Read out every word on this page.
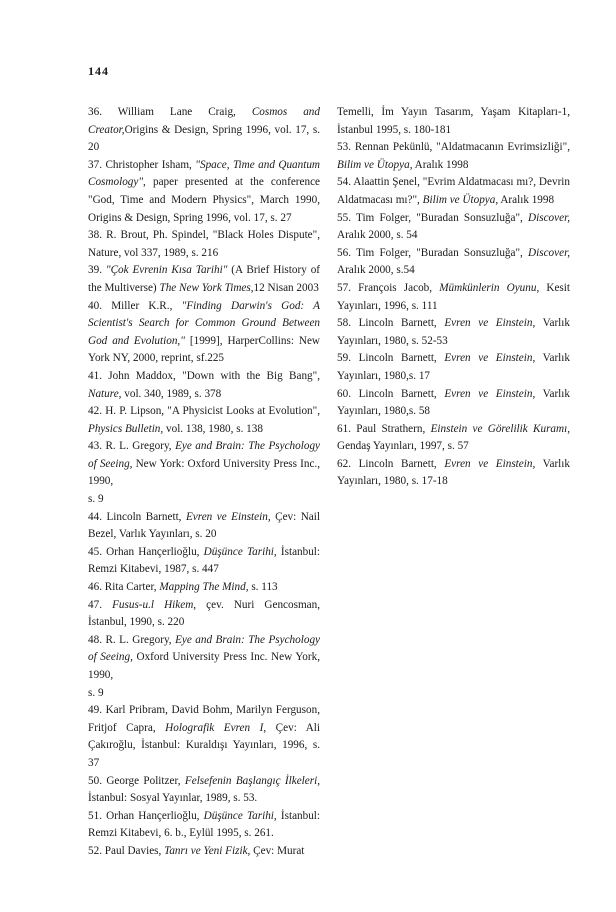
144

36. William Lane Craig, Cosmos and Creator,Origins & Design, Spring 1996, vol. 17, s. 20

37. Christopher Isham, "Space, Time and Quantum Cosmology", paper presented at the conference "God, Time and Modern Physics", March 1990, Origins & Design, Spring 1996, vol. 17, s. 27

38. R. Brout, Ph. Spindel, "Black Holes Dispute", Nature, vol 337, 1989, s. 216

39. "Çok Evrenin Kısa Tarihi" (A Brief History of the Multiverse) The New York Times,12 Nisan 2003

40. Miller K.R., "Finding Darwin's God: A Scientist's Search for Common Ground Between God and Evolution," [1999], HarperCollins: New York NY, 2000, reprint, sf.225

41. John Maddox, "Down with the Big Bang", Nature, vol. 340, 1989, s. 378

42. H. P. Lipson, "A Physicist Looks at Evolution", Physics Bulletin, vol. 138, 1980, s. 138

43. R. L. Gregory, Eye and Brain: The Psychology of Seeing, New York: Oxford University Press Inc., 1990,
s. 9

44. Lincoln Barnett, Evren ve Einstein, Çev: Nail Bezel, Varlık Yayınları, s. 20

45. Orhan Hançerlioğlu, Düşünce Tarihi, İstanbul: Remzi Kitabevi, 1987, s. 447

46. Rita Carter, Mapping The Mind, s. 113

47. Fusus-u.l Hikem, çev. Nuri Gencosman, İstanbul, 1990, s. 220

48. R. L. Gregory, Eye and Brain: The Psychology of Seeing, Oxford University Press Inc. New York, 1990,
s. 9

49. Karl Pribram, David Bohm, Marilyn Ferguson, Fritjof Capra, Holografik Evren I, Çev: Ali Çakıroğlu, İstanbul: Kuraldışı Yayınları, 1996, s. 37

50. George Politzer, Felsefenin Başlangıç İlkeleri, İstanbul: Sosyal Yayınlar, 1989, s. 53.

51. Orhan Hançerlioğlu, Düşünce Tarihi, İstanbul: Remzi Kitabevi, 6. b., Eylül 1995, s. 261.

52. Paul Davies, Tanrı ve Yeni Fizik, Çev: Murat

Temelli, İm Yayın Tasarım, Yaşam Kitapları-1, İstanbul 1995, s. 180-181

53. Rennan Pekünlü, "Aldatmacanın Evrimsizliği", Bilim ve Ütopya, Aralık 1998

54. Alaattin Şenel, "Evrim Aldatmacası mı?, Devrin Aldatmacası mı?", Bilim ve Ütopya, Aralık 1998

55. Tim Folger, "Buradan Sonsuzluğa", Discover, Aralık 2000, s. 54

56. Tim Folger, "Buradan Sonsuzluğa", Discover, Aralık 2000, s.54

57. François Jacob, Mümkünlerin Oyunu, Kesit Yayınları, 1996, s. 111

58. Lincoln Barnett, Evren ve Einstein, Varlık Yayınları, 1980, s. 52-53

59. Lincoln Barnett, Evren ve Einstein, Varlık Yayınları, 1980,s. 17

60. Lincoln Barnett, Evren ve Einstein, Varlık Yayınları, 1980,s. 58

61. Paul Strathern, Einstein ve Görelilik Kuramı, Gendaş Yayınları, 1997, s. 57

62. Lincoln Barnett, Evren ve Einstein, Varlık Yayınları, 1980, s. 17-18
